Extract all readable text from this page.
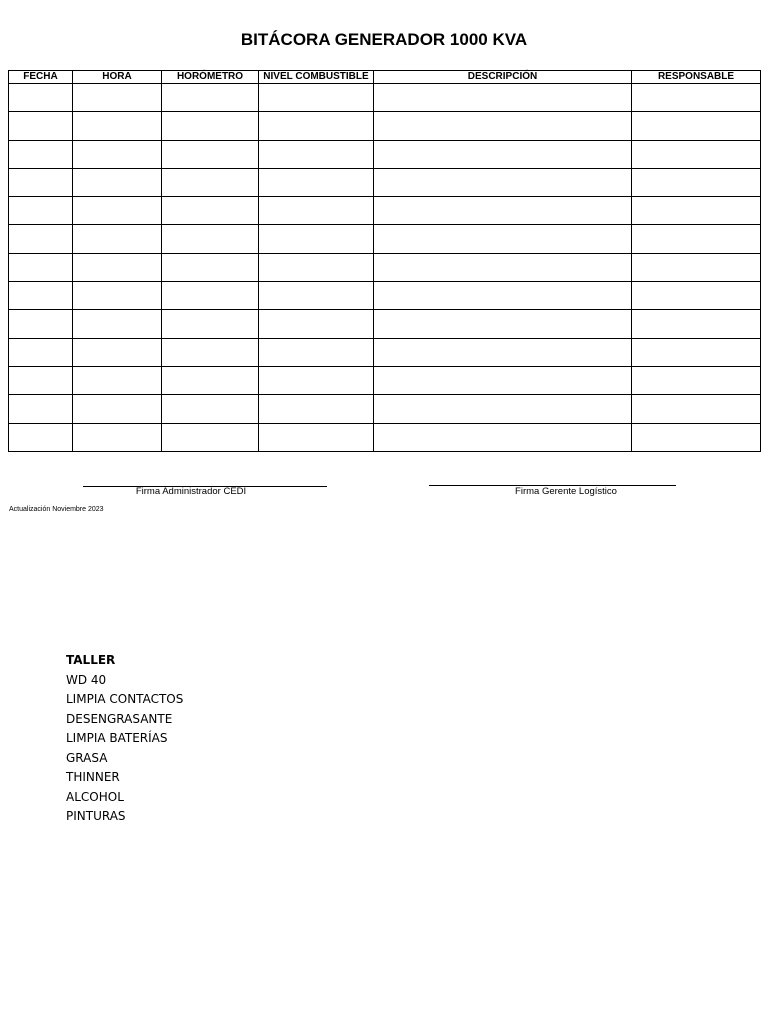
BITÁCORA GENERADOR 1000 KVA
FECHA	HORA	HORÓMETRO	NIVEL COMBUSTIBLE	DESCRIPCIÓN	RESPONSABLE

Firma Administrador CEDI	Firma Gerente Logístico
Actualización Noviembre 2023
TALLER
WD 40
LIMPIA CONTACTOS
DESENGRASANTE
LIMPIA BATERÍAS
GRASA
THINNER
ALCOHOL
PINTURAS
